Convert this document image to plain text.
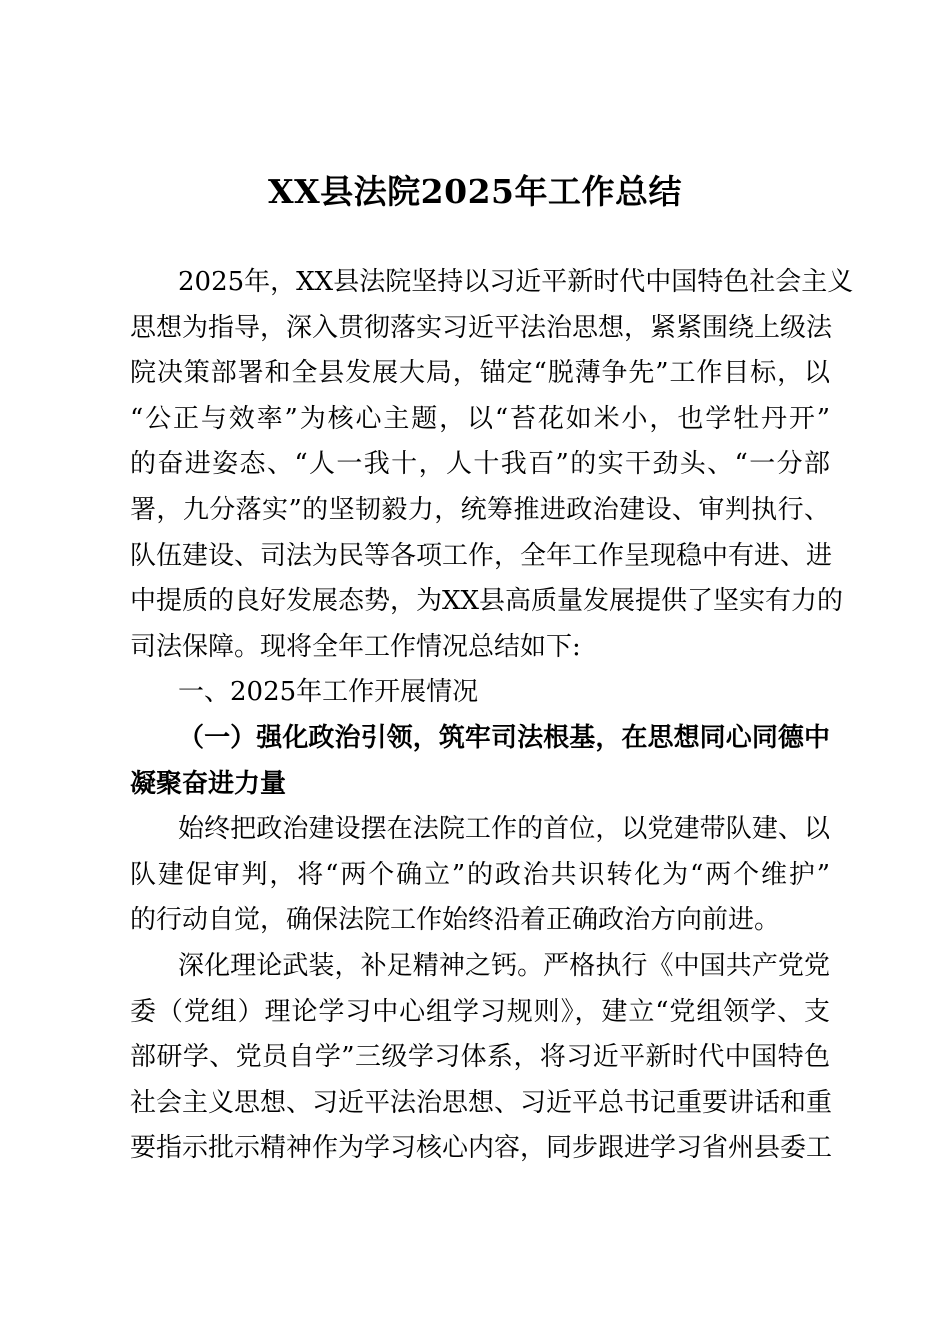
XX县法院2025年工作总结
2025年，XX县法院坚持以习近平新时代中国特色社会主义
思想为指导，深入贯彻落实习近平法治思想，紧紧围绕上级法
院决策部署和全县发展大局，锚定“脱薄争先”工作目标，以
“公正与效率”为核心主题，以“苔花如米小，也学牡丹开”
的奋进姿态、“人一我十，人十我百”的实干劲头、“一分部
署，九分落实”的坚韧毅力，统筹推进政治建设、审判执行、
队伍建设、司法为民等各项工作，全年工作呈现稳中有进、进
中提质的良好发展态势，为XX县高质量发展提供了坚实有力的
司法保障。现将全年工作情况总结如下:
一、2025年工作开展情况
（一）强化政治引领，筑牢司法根基，在思想同心同德中
凝聚奋进力量
始终把政治建设摆在法院工作的首位，以党建带队建、以
队建促审判，将“两个确立”的政治共识转化为“两个维护”
的行动自觉，确保法院工作始终沿着正确政治方向前进。
深化理论武装，补足精神之钙。严格执行《中国共产党党
委（党组）理论学习中心组学习规则》，建立“党组领学、支
部研学、党员自学”三级学习体系，将习近平新时代中国特色
社会主义思想、习近平法治思想、习近平总书记重要讲话和重
要指示批示精神作为学习核心内容，同步跟进学习省州县委工
